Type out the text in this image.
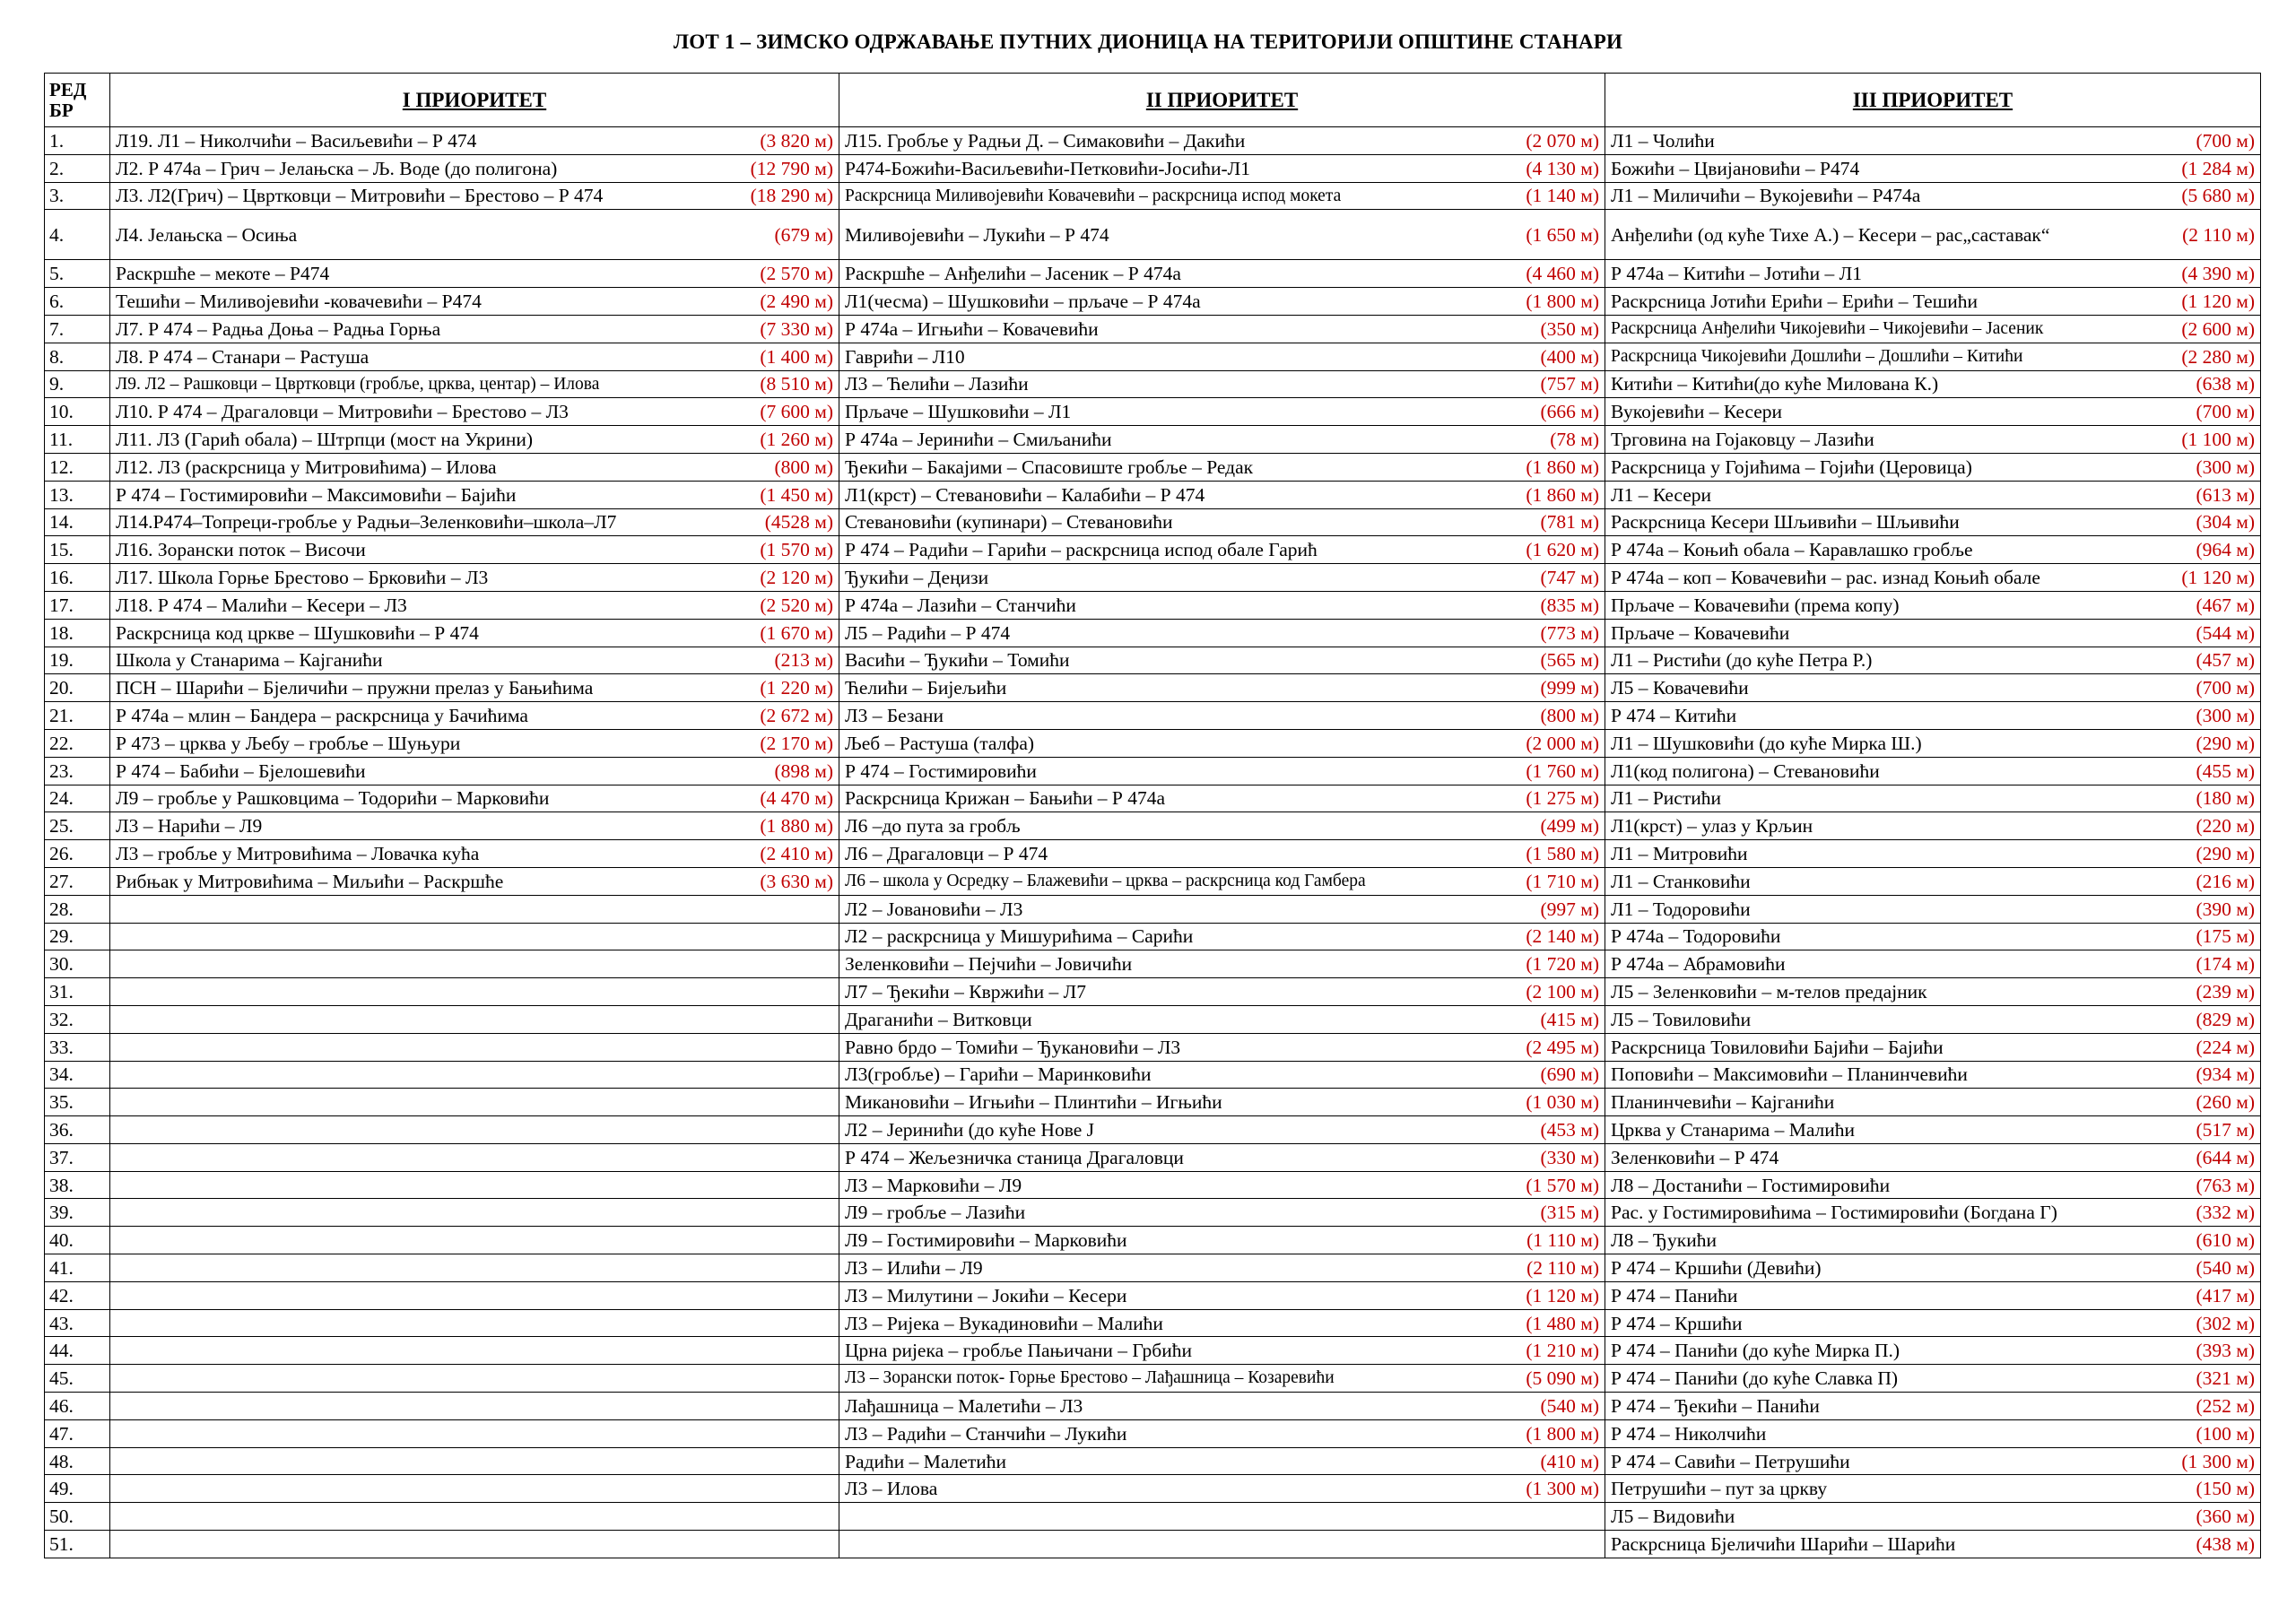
ЛОТ 1 – ЗИМСКО ОДРЖАВАЊЕ ПУТНИХ ДИОНИЦА НА ТЕРИТОРИЈИ ОПШТИНЕ СТАНАРИ
РЕД
БР	I ПРИОРИТЕТ	II ПРИОРИТЕТ	III ПРИОРИТЕТ
1.	Л19. Л1 – Николчићи – Васиљевићи – Р 474 (3 820 м)	Л15. Гробље у Радњи Д. – Симаковићи – Дакићи (2 070 м)	Л1 – Чолићи (700 м)

2.	Л2. Р 474а – Грич – Јелањска – Љ. Воде (до полигона) (12 790 м)	Р474-Божићи-Васиљевићи-Петковићи-Јосићи-Л1 (4 130 м)	Божићи – Цвијановићи – Р474 (1 284 м)

3.	Л3. Л2(Грич) – Цвртковци – Митровићи – Брестово – Р 474 (18 290 м)	Раскрсница Миливојевићи Ковачевићи – раскрсница испод мокета (1 140 м)	Л1 – Миличићи – Вукојевићи – Р474а (5 680 м)

4.	Л4. Јелањска – Осиња (679 м)	Миливојевићи – Лукићи – Р 474 (1 650 м)	Анђелићи (од куће Тихе А.) – Кесери – рас„саставак“ (2 110 м)

5.	Раскршће – мекоте – Р474 (2 570 м)	Раскршће – Анђелићи – Јасеник – Р 474а (4 460 м)	Р 474а – Китићи – Јотићи – Л1 (4 390 м)

6.	Тешићи – Миливојевићи -ковачевићи – Р474 (2 490 м)	Л1(чесма) – Шушковићи – прљаче – Р 474а (1 800 м)	Раскрсница Јотићи Ерићи – Ерићи – Тешићи (1 120 м)

7.	Л7. Р 474 – Радња Доња – Радња Горња (7 330 м)	Р 474а – Игњићи – Ковачевићи (350 м)	Раскрсница Анђелићи Чикојевићи – Чикојевићи – Јасеник (2 600 м)

8.	Л8. Р 474 – Станари – Растуша (1 400 м)	Гаврићи – Л10 (400 м)	Раскрсница Чикојевићи Дошлићи – Дошлићи – Китићи (2 280 м)

9.	Л9. Л2 – Рашковци – Цвртковци (гробље, црква, центар) – Илова (8 510 м)	Л3 – Ћелићи – Лазићи (757 м)	Китићи – Китићи(до куће Милована К.) (638 м)

10.	Л10. Р 474 – Драгаловци – Митровићи – Брестово – Л3 (7 600 м)	Прљаче – Шушковићи – Л1 (666 м)	Вукојевићи – Кесери (700 м)

11.	Л11. Л3 (Гарић обала) – Штрпци (мост на Укрини) (1 260 м)	Р 474а – Јеринићи – Смиљанићи (78 м)	Трговина на Гојаковцу – Лазићи (1 100 м)

12.	Л12. Л3 (раскрсница у Митровићима) – Илова (800 м)	Ђекићи – Бакајими – Спасовиште гробље – Редак (1 860 м)	Раскрсница у Гојићима – Гојићи (Церовица) (300 м)

13.	Р 474 – Гостимировићи – Максимовићи – Бајићи (1 450 м)	Л1(крст) – Стевановићи – Калабићи – Р 474 (1 860 м)	Л1 – Кесери (613 м)

14.	Л14.Р474–Топреци-гробље у Радњи–Зеленковићи–школа–Л7 (4528 м)	Стевановићи (купинари) – Стевановићи (781 м)	Раскрсница Кесери Шљивићи – Шљивићи (304 м)

15.	Л16. Зорански поток – Височи (1 570 м)	Р 474 – Радићи – Гарићи – раскрсница испод обале Гарић (1 620 м)	Р 474а – Коњић обала – Каравлашко гробље (964 м)

16.	Л17. Школа Горње Брестово – Брковићи – Л3 (2 120 м)	Ђукићи – Деңизи (747 м)	Р 474а – коп – Ковачевићи – рас. изнад Коњић обале (1 120 м)

17.	Л18. Р 474 – Малићи – Кесери – Л3 (2 520 м)	Р 474а – Лазићи – Станчићи (835 м)	Прљаче – Ковачевићи (према копу) (467 м)

18.	Раскрсница код цркве – Шушковићи – Р 474 (1 670 м)	Л5 – Радићи – Р 474 (773 м)	Прљаче – Ковачевићи (544 м)

19.	Школа у Станарима – Кајганићи (213 м)	Васићи – Ђукићи – Томићи (565 м)	Л1 – Ристићи (до куће Петра Р.) (457 м)

20.	ПСН – Шарићи – Бјеличићи – пружни прелаз у Бањићима (1 220 м)	Ћелићи – Бијељићи (999 м)	Л5 – Ковачевићи (700 м)

21.	Р 474а – млин – Бандера – раскрсница у Бачићима (2 672 м)	Л3 – Безани (800 м)	Р 474 – Китићи (300 м)

22.	Р 473 – црква у Љебу – гробље – Шуњури (2 170 м)	Љеб – Растуша (талфа) (2 000 м)	Л1 – Шушковићи (до куће Мирка Ш.) (290 м)

23.	Р 474 – Бабићи – Бјелошевићи (898 м)	Р 474 – Гостимировићи (1 760 м)	Л1(код полигона) – Стевановићи (455 м)

24.	Л9 – гробље у Рашковцима – Тодорићи – Марковићи (4 470 м)	Раскрсница Крижан – Бањићи – Р 474а (1 275 м)	Л1 – Ристићи (180 м)

25.	Л3 – Нарићи – Л9 (1 880 м)	Л6 –до пута за гробљ (499 м)	Л1(крст) – улаз у Крљин (220 м)

26.	Л3 – гробље у Митровићима – Ловачка кућа (2 410 м)	Л6 – Драгаловци – Р 474 (1 580 м)	Л1 – Митровићи (290 м)

27.	Рибњак у Митровићима – Миљићи – Раскршће (3 630 м)	Л6 – школа у Осредку – Блажевићи – црква – раскрсница код Гамбера (1 710 м)	Л1 – Станковићи (216 м)

28.		Л2 – Јовановићи – Л3 (997 м)	Л1 – Тодоровићи (390 м)

29.		Л2 – раскрсница у Мишурићима – Сарићи (2 140 м)	Р 474а – Тодоровићи (175 м)

30.		Зеленковићи – Пејчићи – Јовичићи (1 720 м)	Р 474а – Абрамовићи (174 м)

31.		Л7 – Ђекићи – Квржићи – Л7 (2 100 м)	Л5 – Зеленковићи – м-телов предајник (239 м)

32.		Драганићи – Витковци (415 м)	Л5 – Товиловићи (829 м)

33.		Равно брдо – Томићи – Ђукановићи – Л3 (2 495 м)	Раскрсница Товиловићи Бајићи – Бајићи (224 м)

34.		Л3(гробље) – Гарићи – Маринковићи (690 м)	Поповићи – Максимовићи – Планинчевићи (934 м)

35.		Микановићи – Игњићи – Плинтићи – Игњићи (1 030 м)	Планинчевићи – Кајганићи (260 м)

36.		Л2 – Јеринићи (до куће Нове Ј (453 м)	Црква у Станарима – Малићи (517 м)

37.		Р 474 – Жељезничка станица Драгаловци (330 м)	Зеленковићи – Р 474 (644 м)

38.		Л3 – Марковићи – Л9 (1 570 м)	Л8 – Достанићи – Гостимировићи (763 м)

39.		Л9 – гробље – Лазићи (315 м)	Рас. у Гостимировићима – Гостимировићи (Богдана Г) (332 м)

40.		Л9 – Гостимировићи – Марковићи (1 110 м)	Л8 – Ђукићи (610 м)

41.		Л3 – Илићи – Л9 (2 110 м)	Р 474 – Кршићи (Девићи) (540 м)

42.		Л3 – Милутини – Јокићи – Кесери (1 120 м)	Р 474 – Панићи (417 м)

43.		Л3 – Ријека – Вукадиновићи – Малићи (1 480 м)	Р 474 – Кршићи (302 м)

44.		Црна ријека – гробље Пањичани – Грбићи (1 210 м)	Р 474 – Панићи (до куће Мирка П.) (393 м)

45.		Л3 – Зорански поток- Горње Брестово – Лађашница – Козаревићи (5 090 м)	Р 474 – Панићи (до куће Славка П) (321 м)

46.		Лађашница – Малетићи – Л3 (540 м)	Р 474 – Ђекићи – Панићи (252 м)

47.		Л3 – Радићи – Станчићи – Лукићи (1 800 м)	Р 474 – Николчићи (100 м)

48.		Радићи – Малетићи (410 м)	Р 474 – Савићи – Петрушићи (1 300 м)

49.		Л3 – Илова (1 300 м)	Петрушићи – пут за цркву (150 м)

50.			Л5 – Видовићи (360 м)

51.			Раскрсница Бјеличићи Шарићи – Шарићи (438 м)
